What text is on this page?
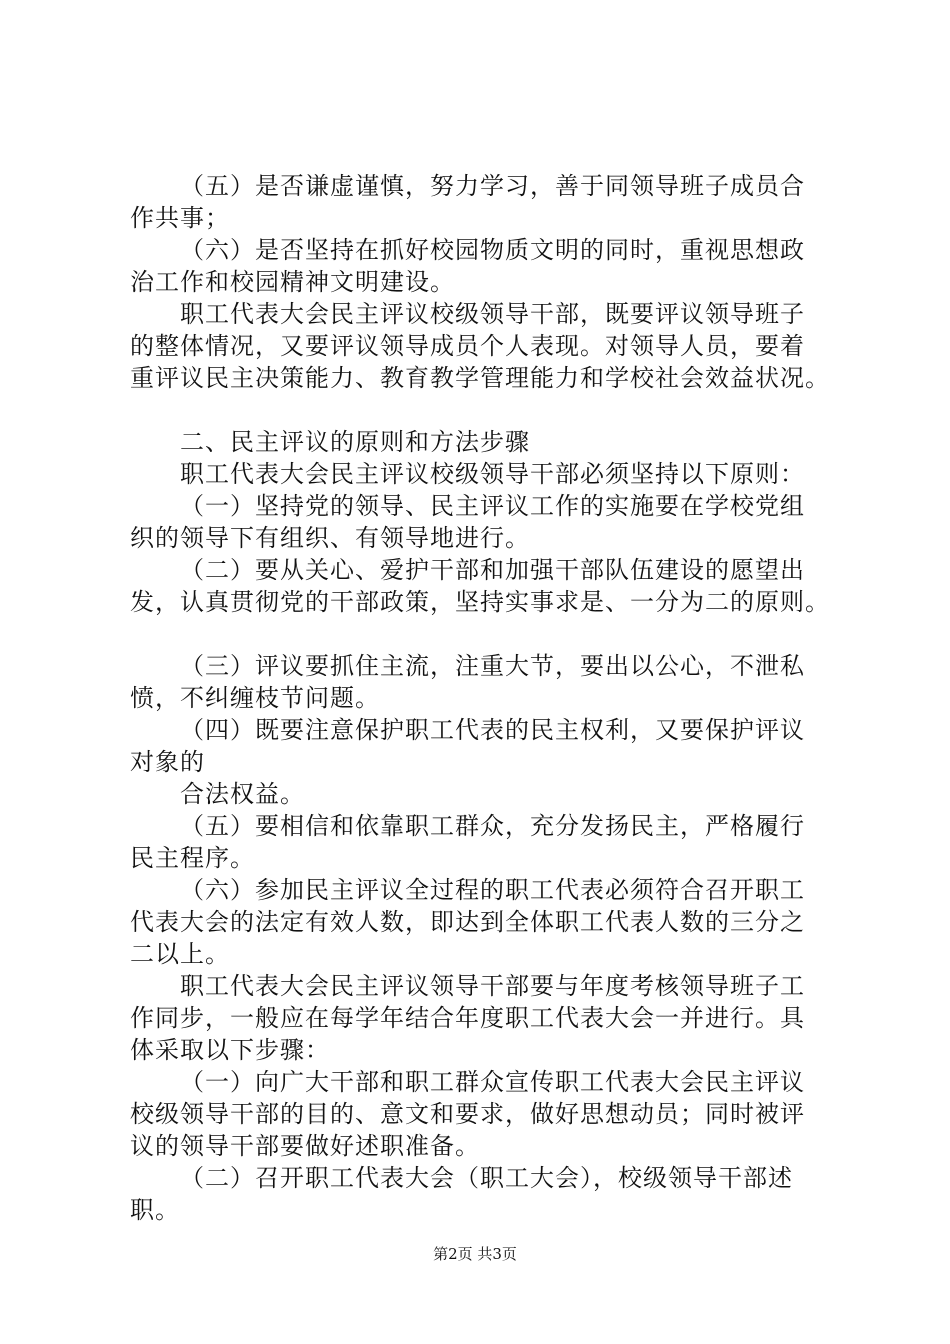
（五）是否谦虚谨慎，努力学习，善于同领导班子成员合
作共事；
（六）是否坚持在抓好校园物质文明的同时，重视思想政
治工作和校园精神文明建设。
职工代表大会民主评议校级领导干部，既要评议领导班子
的整体情况，又要评议领导成员个人表现。对领导人员，要着
重评议民主决策能力、教育教学管理能力和学校社会效益状况。
二、民主评议的原则和方法步骤
职工代表大会民主评议校级领导干部必须坚持以下原则：
（一）坚持党的领导、民主评议工作的实施要在学校党组
织的领导下有组织、有领导地进行。
（二）要从关心、爱护干部和加强干部队伍建设的愿望出
发，认真贯彻党的干部政策，坚持实事求是、一分为二的原则。
（三）评议要抓住主流，注重大节，要出以公心，不泄私
愤，不纠缠枝节问题。
（四）既要注意保护职工代表的民主权利，又要保护评议
对象的
合法权益。
（五）要相信和依靠职工群众，充分发扬民主，严格履行
民主程序。
（六）参加民主评议全过程的职工代表必须符合召开职工
代表大会的法定有效人数，即达到全体职工代表人数的三分之
二以上。
职工代表大会民主评议领导干部要与年度考核领导班子工
作同步，一般应在每学年结合年度职工代表大会一并进行。具
体采取以下步骤：
（一）向广大干部和职工群众宣传职工代表大会民主评议
校级领导干部的目的、意文和要求，做好思想动员；同时被评
议的领导干部要做好述职准备。
（二）召开职工代表大会（职工大会），校级领导干部述
职。
第2页 共3页
